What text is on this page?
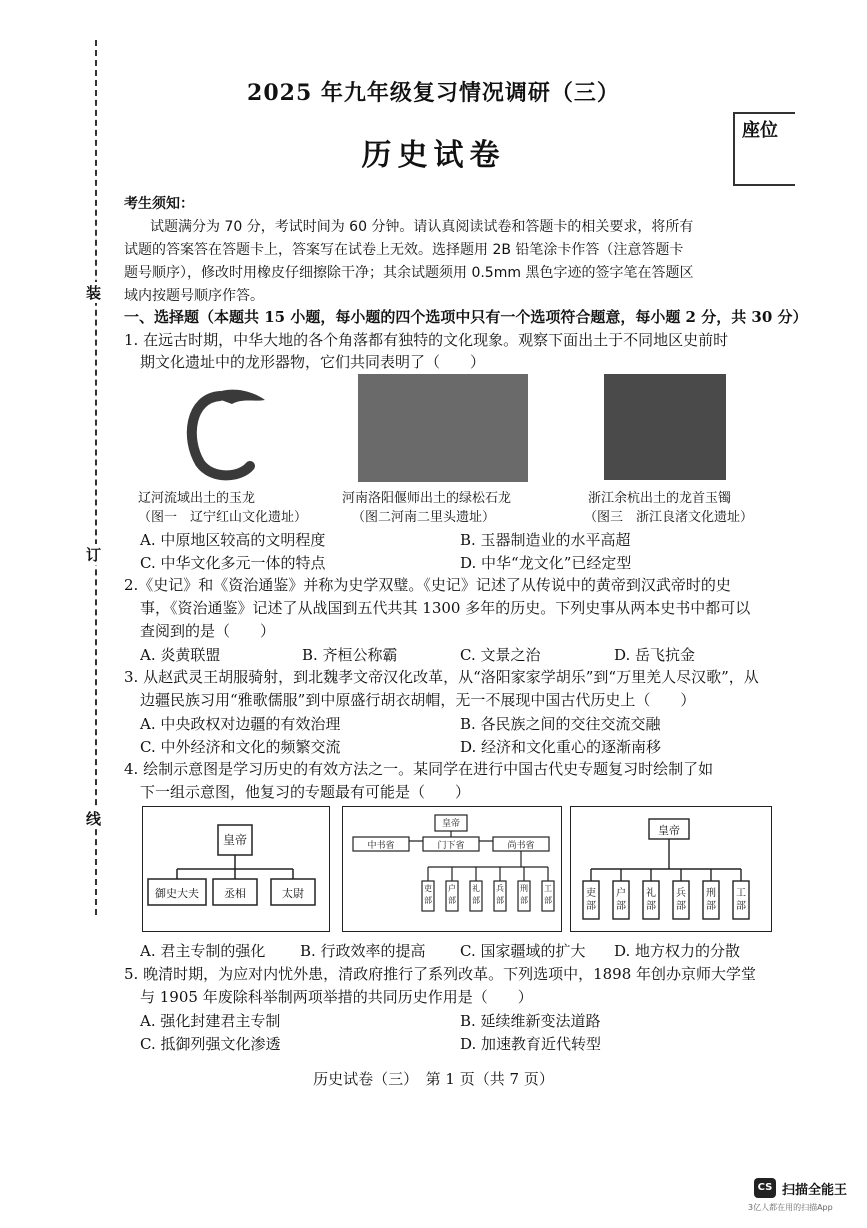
装
订
线
2025 年九年级复习情况调研（三）
历史试卷
座位
考生须知：
试题满分为 70 分，考试时间为 60 分钟。请认真阅读试卷和答题卡的相关要求，将所有
试题的答案答在答题卡上，答案写在试卷上无效。选择题用 2B 铅笔涂卡作答（注意答题卡
题号顺序），修改时用橡皮仔细擦除干净；其余试题须用 0.5mm 黑色字迹的签字笔在答题区
域内按题号顺序作答。
一、选择题（本题共 15 小题，每小题的四个选项中只有一个选项符合题意，每小题 2 分，共 30 分）
1. 在远古时期，中华大地的各个角落都有独特的文化现象。观察下面出土于不同地区史前时
期文化遗址中的龙形器物，它们共同表明了（　　）
辽河流域出土的玉龙
（图一　辽宁红山文化遗址）
河南洛阳偃师出土的绿松石龙
（图二河南二里头遗址）
浙江余杭出土的龙首玉镯
（图三　浙江良渚文化遗址）
A. 中原地区较高的文明程度	B. 玉器制造业的水平高超
C. 中华文化多元一体的特点	D. 中华“龙文化”已经定型
2.《史记》和《资治通鉴》并称为史学双璧。《史记》记述了从传说中的黄帝到汉武帝时的史
事，《资治通鉴》记述了从战国到五代共其 1300 多年的历史。下列史事从两本史书中都可以
查阅到的是（　　）
A. 炎黄联盟	B. 齐桓公称霸	C. 文景之治	D. 岳飞抗金
3. 从赵武灵王胡服骑射，到北魏孝文帝汉化改革，从“洛阳家家学胡乐”到“万里羌人尽汉歌”，从
边疆民族习用“雅歌儒服”到中原盛行胡衣胡帽，无一不展现中国古代历史上（　　）
A. 中央政权对边疆的有效治理	B. 各民族之间的交往交流交融
C. 中外经济和文化的频繁交流	D. 经济和文化重心的逐渐南移
4. 绘制示意图是学习历史的有效方法之一。某同学在进行中国古代史专题复习时绘制了如
下一组示意图，他复习的专题最有可能是（　　）
皇帝
御史大夫	丞相	太尉
皇帝
中书省	门下省	尚书省
吏部
户部
礼部
兵部
刑部
工部
皇帝
吏部
户部
礼部
兵部
刑部
工部
A. 君主专制的强化 B. 行政效率的提高 C. 国家疆域的扩大 D. 地方权力的分散
5. 晚清时期，为应对内忧外患，清政府推行了系列改革。下列选项中，1898 年创办京师大学堂
与 1905 年废除科举制两项举措的共同历史作用是（　　）
A. 强化封建君主专制	B. 延续维新变法道路
C. 抵御列强文化渗透	D. 加速教育近代转型
历史试卷（三）　第 1 页（共 7 页）
CS 扫描全能王
3亿人都在用的扫描App
